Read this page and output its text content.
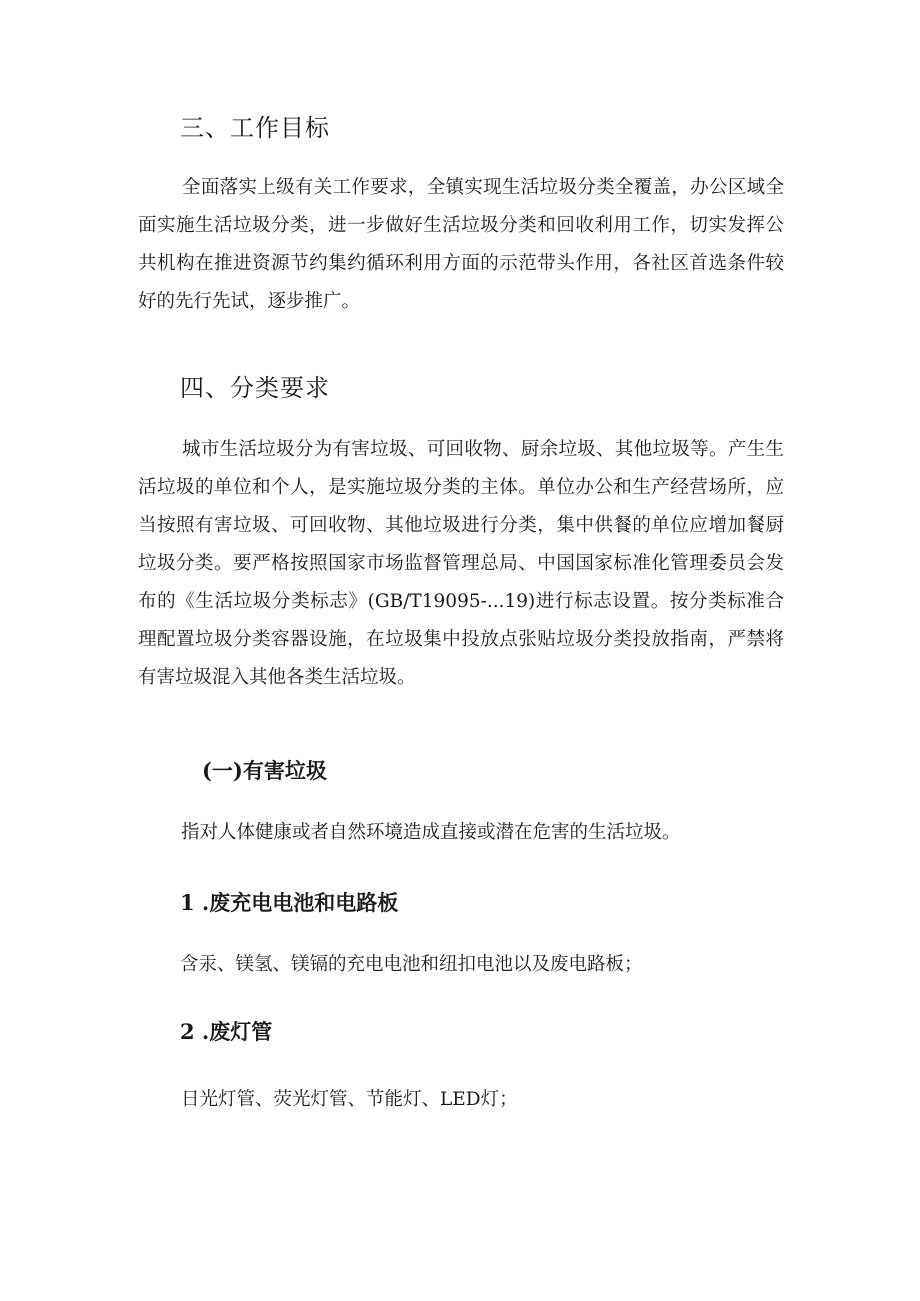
三、工作目标

全面落实上级有关工作要求，全镇实现生活垃圾分类全覆盖，办公区域全面实施生活垃圾分类，进一步做好生活垃圾分类和回收利用工作，切实发挥公共机构在推进资源节约集约循环利用方面的示范带头作用，各社区首选条件较好的先行先试，逐步推广。

四、分类要求

城市生活垃圾分为有害垃圾、可回收物、厨余垃圾、其他垃圾等。产生生活垃圾的单位和个人，是实施垃圾分类的主体。单位办公和生产经营场所，应当按照有害垃圾、可回收物、其他垃圾进行分类，集中供餐的单位应增加餐厨垃圾分类。要严格按照国家市场监督管理总局、中国国家标准化管理委员会发布的《生活垃圾分类标志》(GB/T19095-...19)进行标志设置。按分类标准合理配置垃圾分类容器设施，在垃圾集中投放点张贴垃圾分类投放指南，严禁将有害垃圾混入其他各类生活垃圾。

(一)有害垃圾

指对人体健康或者自然环境造成直接或潜在危害的生活垃圾。

1 .废充电电池和电路板

含汞、镁氢、镁镉的充电电池和纽扣电池以及废电路板；

2 .废灯管

日光灯管、荧光灯管、节能灯、LED灯；
